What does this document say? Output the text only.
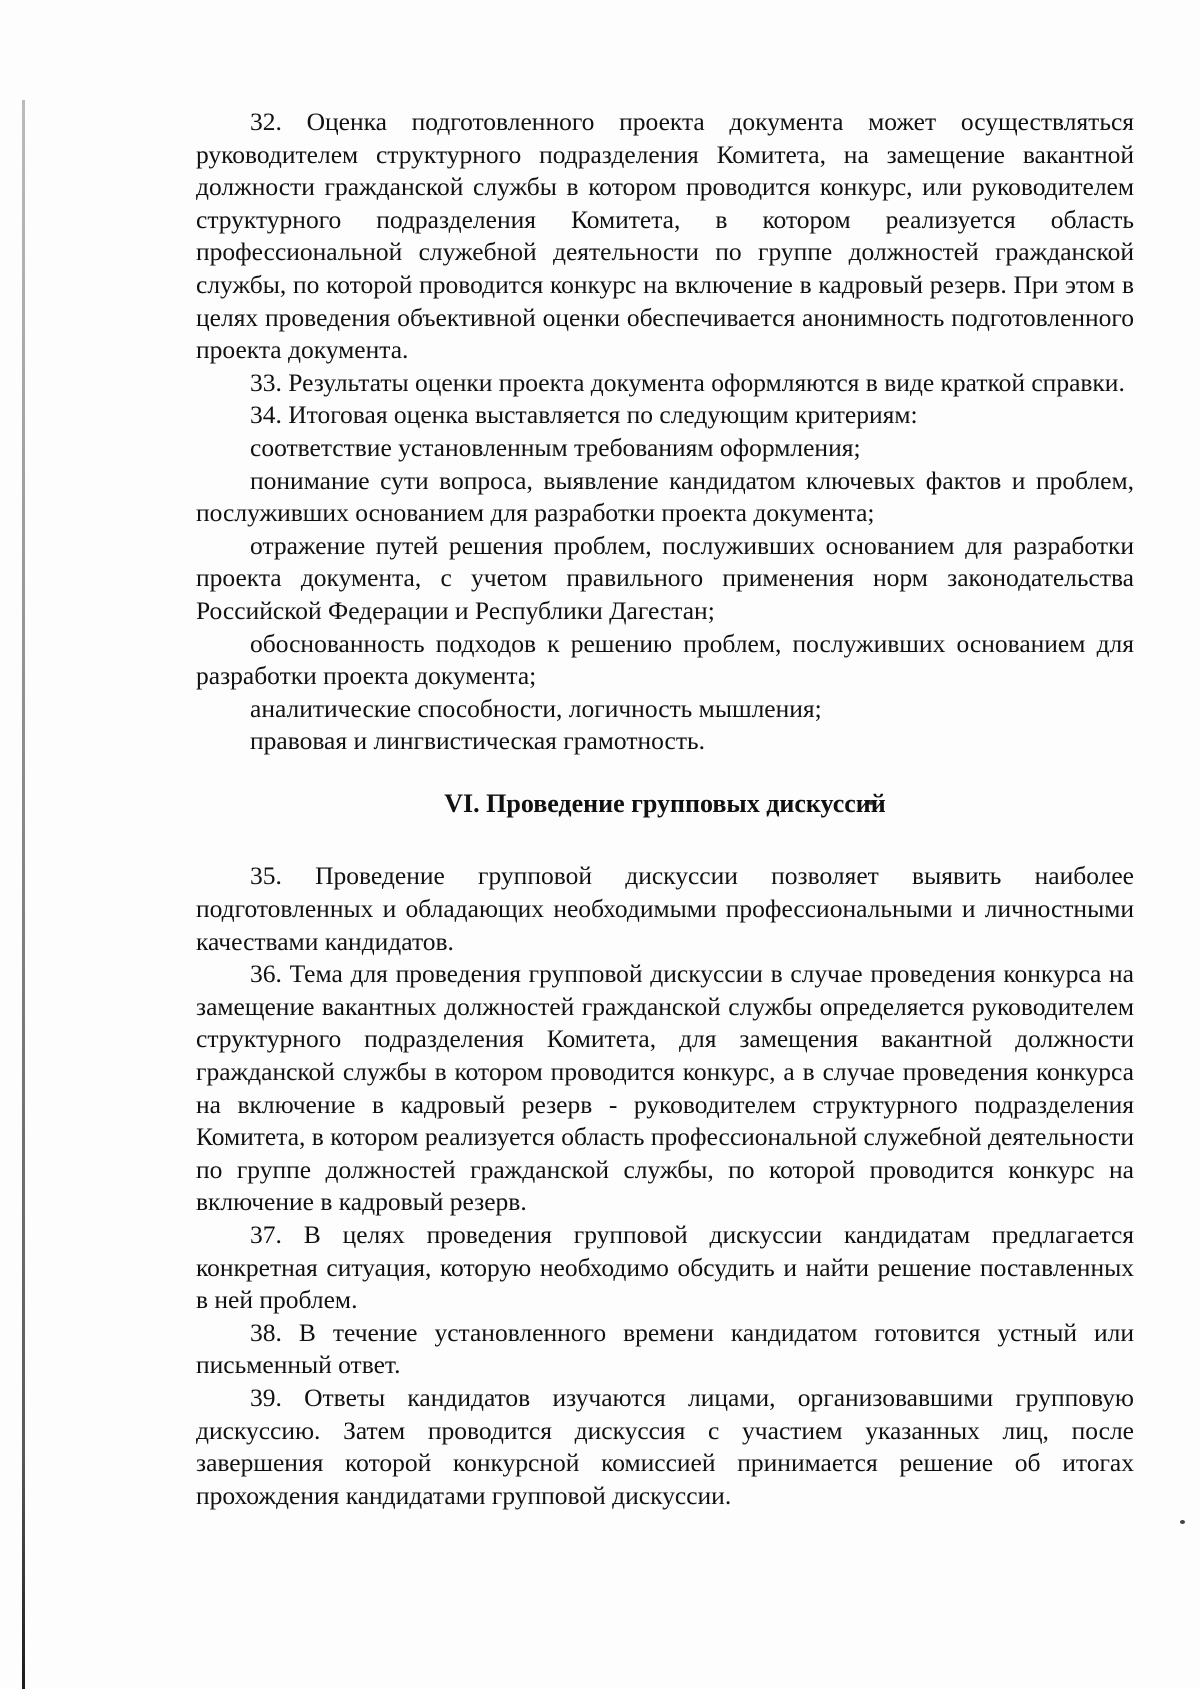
32. Оценка подготовленного проекта документа может осуществляться руководителем структурного подразделения Комитета, на замещение вакантной должности гражданской службы в котором проводится конкурс, или руководителем структурного подразделения Комитета, в котором реализуется область профессиональной служебной деятельности по группе должностей гражданской службы, по которой проводится конкурс на включение в кадровый резерв. При этом в целях проведения объективной оценки обеспечивается анонимность подготовленного проекта документа.

33. Результаты оценки проекта документа оформляются в виде краткой справки.

34. Итоговая оценка выставляется по следующим критериям:

соответствие установленным требованиям оформления;

понимание сути вопроса, выявление кандидатом ключевых фактов и проблем, послуживших основанием для разработки проекта документа;

отражение путей решения проблем, послуживших основанием для разработки проекта документа, с учетом правильного применения норм законодательства Российской Федерации и Республики Дагестан;

обоснованность подходов к решению проблем, послуживших основанием для разработки проекта документа;

аналитические способности, логичность мышления;

правовая и лингвистическая грамотность.

VI. Проведение групповых дискуссий

35. Проведение групповой дискуссии позволяет выявить наиболее подготовленных и обладающих необходимыми профессиональными и личностными качествами кандидатов.

36. Тема для проведения групповой дискуссии в случае проведения конкурса на замещение вакантных должностей гражданской службы определяется руководителем структурного подразделения Комитета, для замещения вакантной должности гражданской службы в котором проводится конкурс, а в случае проведения конкурса на включение в кадровый резерв - руководителем структурного подразделения Комитета, в котором реализуется область профессиональной служебной деятельности по группе должностей гражданской службы, по которой проводится конкурс на включение в кадровый резерв.

37. В целях проведения групповой дискуссии кандидатам предлагается конкретная ситуация, которую необходимо обсудить и найти решение поставленных в ней проблем.

38. В течение установленного времени кандидатом готовится устный или письменный ответ.

39. Ответы кандидатов изучаются лицами, организовавшими групповую дискуссию. Затем проводится дискуссия с участием указанных лиц, после завершения которой конкурсной комиссией принимается решение об итогах прохождения кандидатами групповой дискуссии.
